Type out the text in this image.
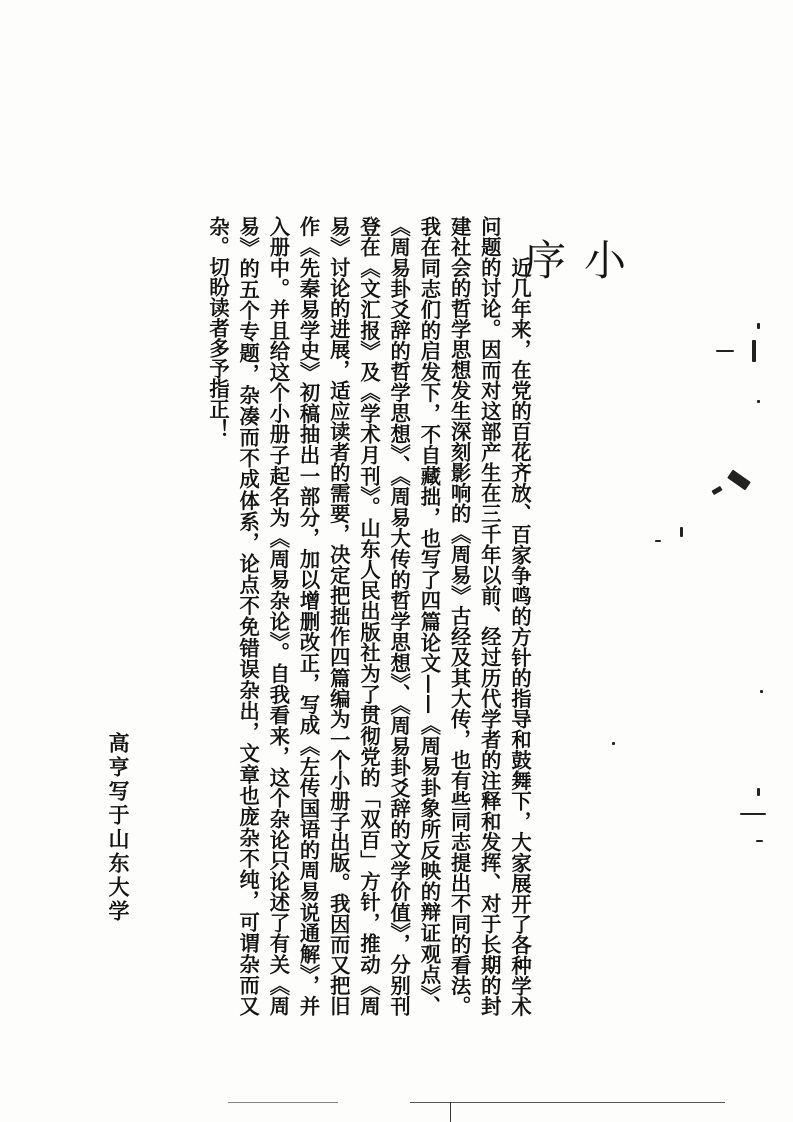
小 序

近几年来，在党的百花齐放、百家争鸣的方针的指导和鼓舞下，大家展开了各种学术问题的讨论。因而对这部产生在三千年以前、经过历代学者的注释和发挥、对于长期的封建社会的哲学思想发生深刻影响的《周易》古经及其大传，也有些同志提出不同的看法。我在同志们的启发下，不自藏拙，也写了四篇论文——《周易卦象所反映的辩证观点》、《周易卦爻辞的哲学思想》、《周易大传的哲学思想》、《周易卦爻辞的文学价值》，分别刊登在《文汇报》及《学术月刊》。山东人民出版社为了贯彻党的「双百」方针，推动《周易》讨论的进展，适应读者的需要，决定把拙作四篇编为一个小册子出版。我因而又把旧作《先秦易学史》初稿抽出一部分，加以增删改正，写成《左传国语的周易说通解》，并入册中。并且给这个小册子起名为《周易杂论》。自我看来，这个杂论只论述了有关《周易》的五个专题，杂凑而不成体系，论点不免错误杂出，文章也庞杂不纯，可谓杂而又杂。切盼读者多予指正！

高亨写于山东大学
